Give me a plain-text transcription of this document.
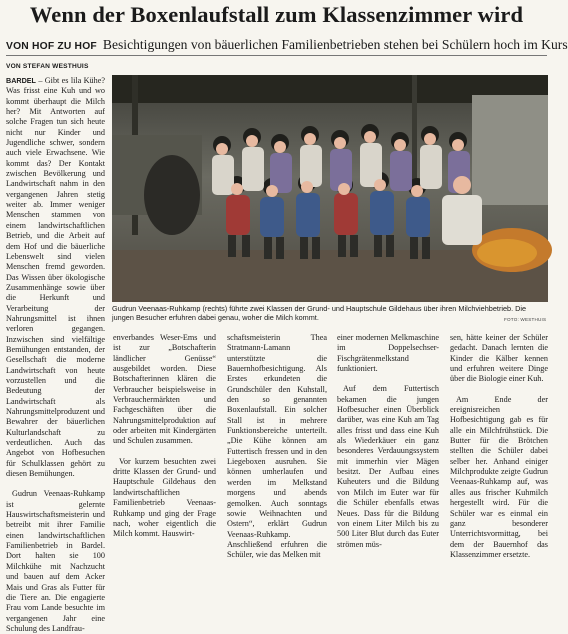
Wenn der Boxenlaufstall zum Klassenzimmer wird
VON HOF ZU HOF Besichtigungen von bäuerlichen Familienbetrieben stehen bei Schülern hoch im Kurs
VON STEFAN WESTHUIS

BARDEL – Gibt es lila Kühe? Was frisst eine Kuh und wo kommt überhaupt die Milch her? Mit Antworten auf solche Fragen tun sich heute nicht nur Kinder und Jugendliche schwer, sondern auch viele Erwachsene. Wie kommt das? Der Kontakt zwischen Bevölkerung und Landwirtschaft nahm in den vergangenen Jahren stetig weiter ab. Immer weniger Menschen stammen von einem landwirtschaftlichen Betrieb, und die Arbeit auf dem Hof und die bäuerliche Lebenswelt sind vielen Menschen fremd geworden. Das Wissen über ökologische Zusammenhänge sowie über die Herkunft und Verarbeitung der Nahrungsmittel ist ihnen verloren gegangen. Inzwischen sind vielfältige Bemühungen entstanden, der Gesellschaft die moderne Landwirtschaft von heute vorzustellen und die Bedeutung der Landwirtschaft als Nahrungsmittelproduzent und Bewahrer der bäuerlichen Kulturlandschaft zu verdeutlichen. Auch das Angebot von Hofbesuchen für Schulklassen gehört zu diesen Bemühungen.

Gudrun Veenaas-Ruhkamp ist gelernte Hauswirtschaftsmeisterin und betreibt mit ihrer Familie einen landwirtschaftlichen Familienbetrieb in Bardel. Dort halten sie 100 Milchkühe mit Nachzucht und bauen auf dem Acker Mais und Gras als Futter für die Tiere an. Die engagierte Frau vom Lande besuchte im vergangenen Jahr eine Schulung des Landfrau-

Gudrun Veenaas-Ruhkamp (rechts) führte zwei Klassen der Grund- und Hauptschule Gildehaus über ihren Milchviehbetrieb. Die jungen Besucher erfuhren dabei genau, woher die Milch kommt.	FOTO: WESTHUIS

enverbandes Weser-Ems und ist zur „Botschafterin ländlicher Genüsse“ ausgebildet worden. Diese Botschafterinnen klären die Verbraucher beispielsweise in Verbrauchermärkten und Fachgeschäften über die Nahrungsmittelproduktion auf oder arbeiten mit Kindergärten und Schulen zusammen.

Vor kurzem besuchten zwei dritte Klassen der Grund- und Hauptschule Gildehaus den landwirtschaftlichen Familienbetrieb Veenaas-Ruhkamp und ging der Frage nach, woher eigentlich die Milch kommt. Hauswirt-

schaftsmeisterin Thea Stratmann-Lamann unterstützte die Bauernhofbesichtigung. Als Erstes erkundeten die Grundschüler den Kuhstall, den so genannten Boxenlaufstall. Ein solcher Stall ist in mehrere Funktionsbereiche unterteilt. „Die Kühe können am Futtertisch fressen und in den Liegeboxen ausruhen. Sie können umherlaufen und werden im Melkstand morgens und abends gemolken. Auch sonntags sowie Weihnachten und Ostern“, erklärt Gudrun Veenaas-Ruhkamp. Anschließend erfuhren die Schüler, wie das Melken mit

einer modernen Melkmaschine im Doppelsechser-Fischgrätenmelkstand funktioniert.

Auf dem Futtertisch bekamen die jungen Hofbesucher einen Überblick darüber, was eine Kuh am Tag alles frisst und dass eine Kuh als Wiederkäuer ein ganz besonderes Verdauungssystem mit immerhin vier Mägen besitzt. Der Aufbau eines Kuheuters und die Bildung von Milch im Euter war für die Schüler ebenfalls etwas Neues. Dass für die Bildung von einem Liter Milch bis zu 500 Liter Blut durch das Euter strömen müs-

sen, hätte keiner der Schüler gedacht. Danach lernten die Kinder die Kälber kennen und erfuhren weitere Dinge über die Biologie einer Kuh.

Am Ende der ereignisreichen Hofbesichtigung gab es für alle ein Milchfrühstück. Die Butter für die Brötchen stellten die Schüler dabei selber her. Anhand einiger Milchprodukte zeigte Gudrun Veenaas-Ruhkamp auf, was alles aus frischer Kuhmilch hergestellt wird. Für die Schüler war es einmal ein ganz besonderer Unterrichtsvormittag, bei dem der Bauernhof das Klassenzimmer ersetzte.
